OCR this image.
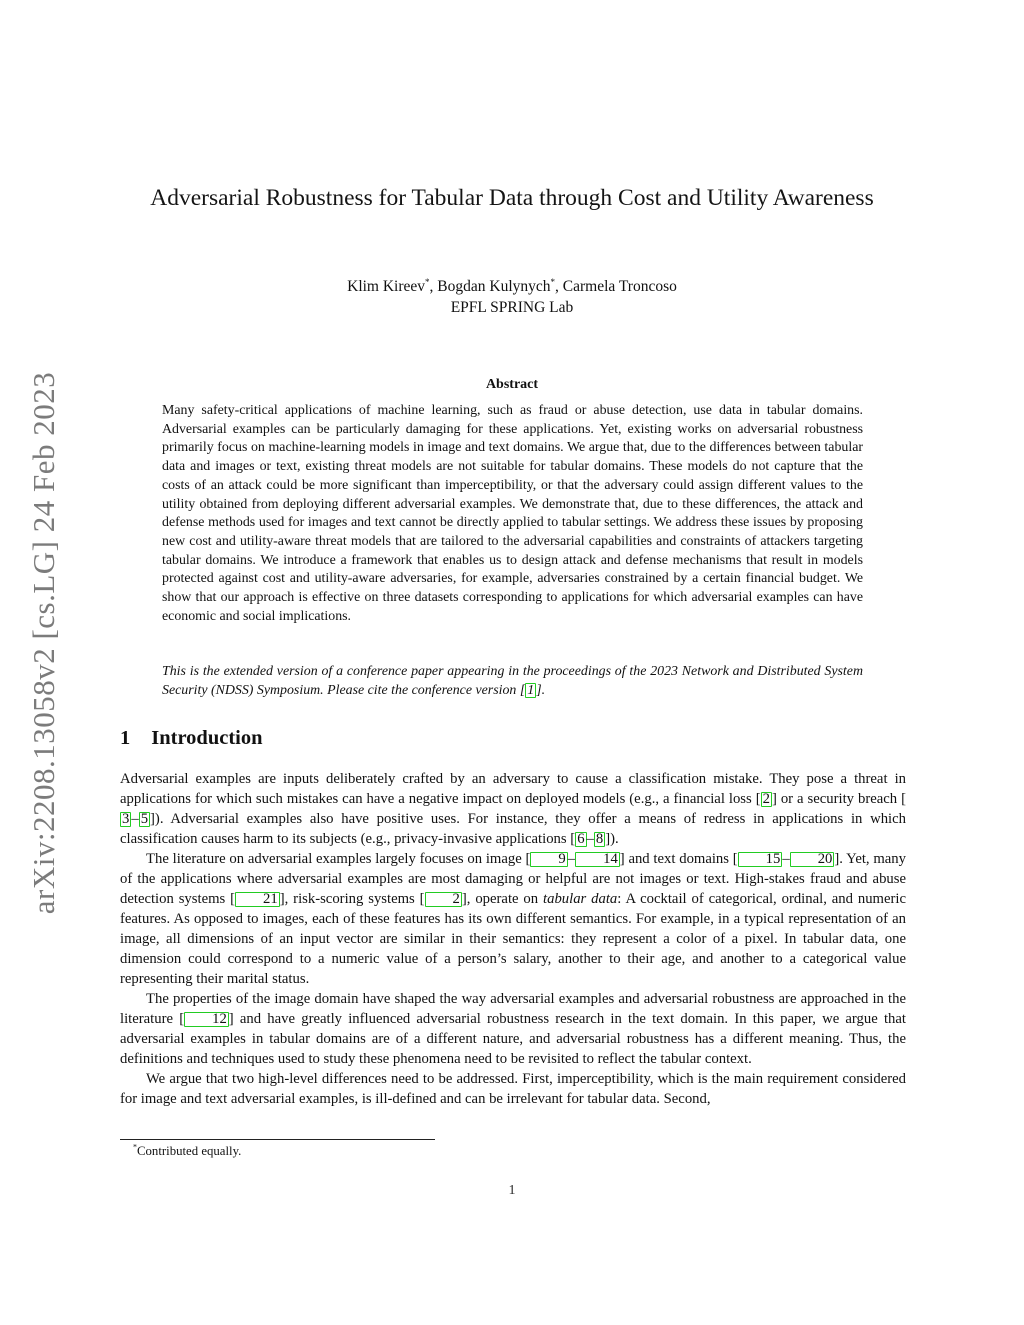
arXiv:2208.13058v2 [cs.LG] 24 Feb 2023
Adversarial Robustness for Tabular Data through Cost and Utility Awareness
Klim Kireev*, Bogdan Kulynych*, Carmela Troncoso
EPFL SPRING Lab
Abstract
Many safety-critical applications of machine learning, such as fraud or abuse detection, use data in tabular domains. Adversarial examples can be particularly damaging for these applications. Yet, existing works on adversarial robustness primarily focus on machine-learning models in image and text domains. We argue that, due to the differences between tabular data and images or text, existing threat models are not suitable for tabular domains. These models do not capture that the costs of an attack could be more significant than imperceptibility, or that the adversary could assign different values to the utility obtained from deploying different adversarial examples. We demonstrate that, due to these differences, the attack and defense methods used for images and text cannot be directly applied to tabular settings. We address these issues by proposing new cost and utility-aware threat models that are tailored to the adversarial capabilities and constraints of attackers targeting tabular domains. We introduce a framework that enables us to design attack and defense mechanisms that result in models protected against cost and utility-aware adversaries, for example, adversaries constrained by a certain financial budget. We show that our approach is effective on three datasets corresponding to applications for which adversarial examples can have economic and social implications.
This is the extended version of a conference paper appearing in the proceedings of the 2023 Network and Distributed System Security (NDSS) Symposium. Please cite the conference version [ 1 ].
1 Introduction

Adversarial examples are inputs deliberately crafted by an adversary to cause a classification mistake. They pose a threat in applications for which such mistakes can have a negative impact on deployed models (e.g., a financial loss [ 2 ] or a security breach [3 – 5 ]). Adversarial examples also have positive uses. For instance, they offer a means of redress in applications in which classification causes harm to its subjects (e.g., privacy-invasive applications [ 6 – 8 ]).

The literature on adversarial examples largely focuses on image [ 9 – 14 ] and text domains [ 15 – 20 ]. Yet, many of the applications where adversarial examples are most damaging or helpful are not images or text. High-stakes fraud and abuse detection systems [ 21 ], risk-scoring systems [ 2 ], operate on tabular data: A cocktail of categorical, ordinal, and numeric features. As opposed to images, each of these features has its own different semantics. For example, in a typical representation of an image, all dimensions of an input vector are similar in their semantics: they represent a color of a pixel. In tabular data, one dimension could correspond to a numeric value of a person’s salary, another to their age, and another to a categorical value representing their marital status.

The properties of the image domain have shaped the way adversarial examples and adversarial robustness are approached in the literature [ 12 ] and have greatly influenced adversarial robustness research in the text domain. In this paper, we argue that adversarial examples in tabular domains are of a different nature, and adversarial robustness has a different meaning. Thus, the definitions and techniques used to study these phenomena need to be revisited to reflect the tabular context.

We argue that two high-level differences need to be addressed. First, imperceptibility, which is the main requirement considered for image and text adversarial examples, is ill-defined and can be irrelevant for tabular data. Second,

*Contributed equally.
1
